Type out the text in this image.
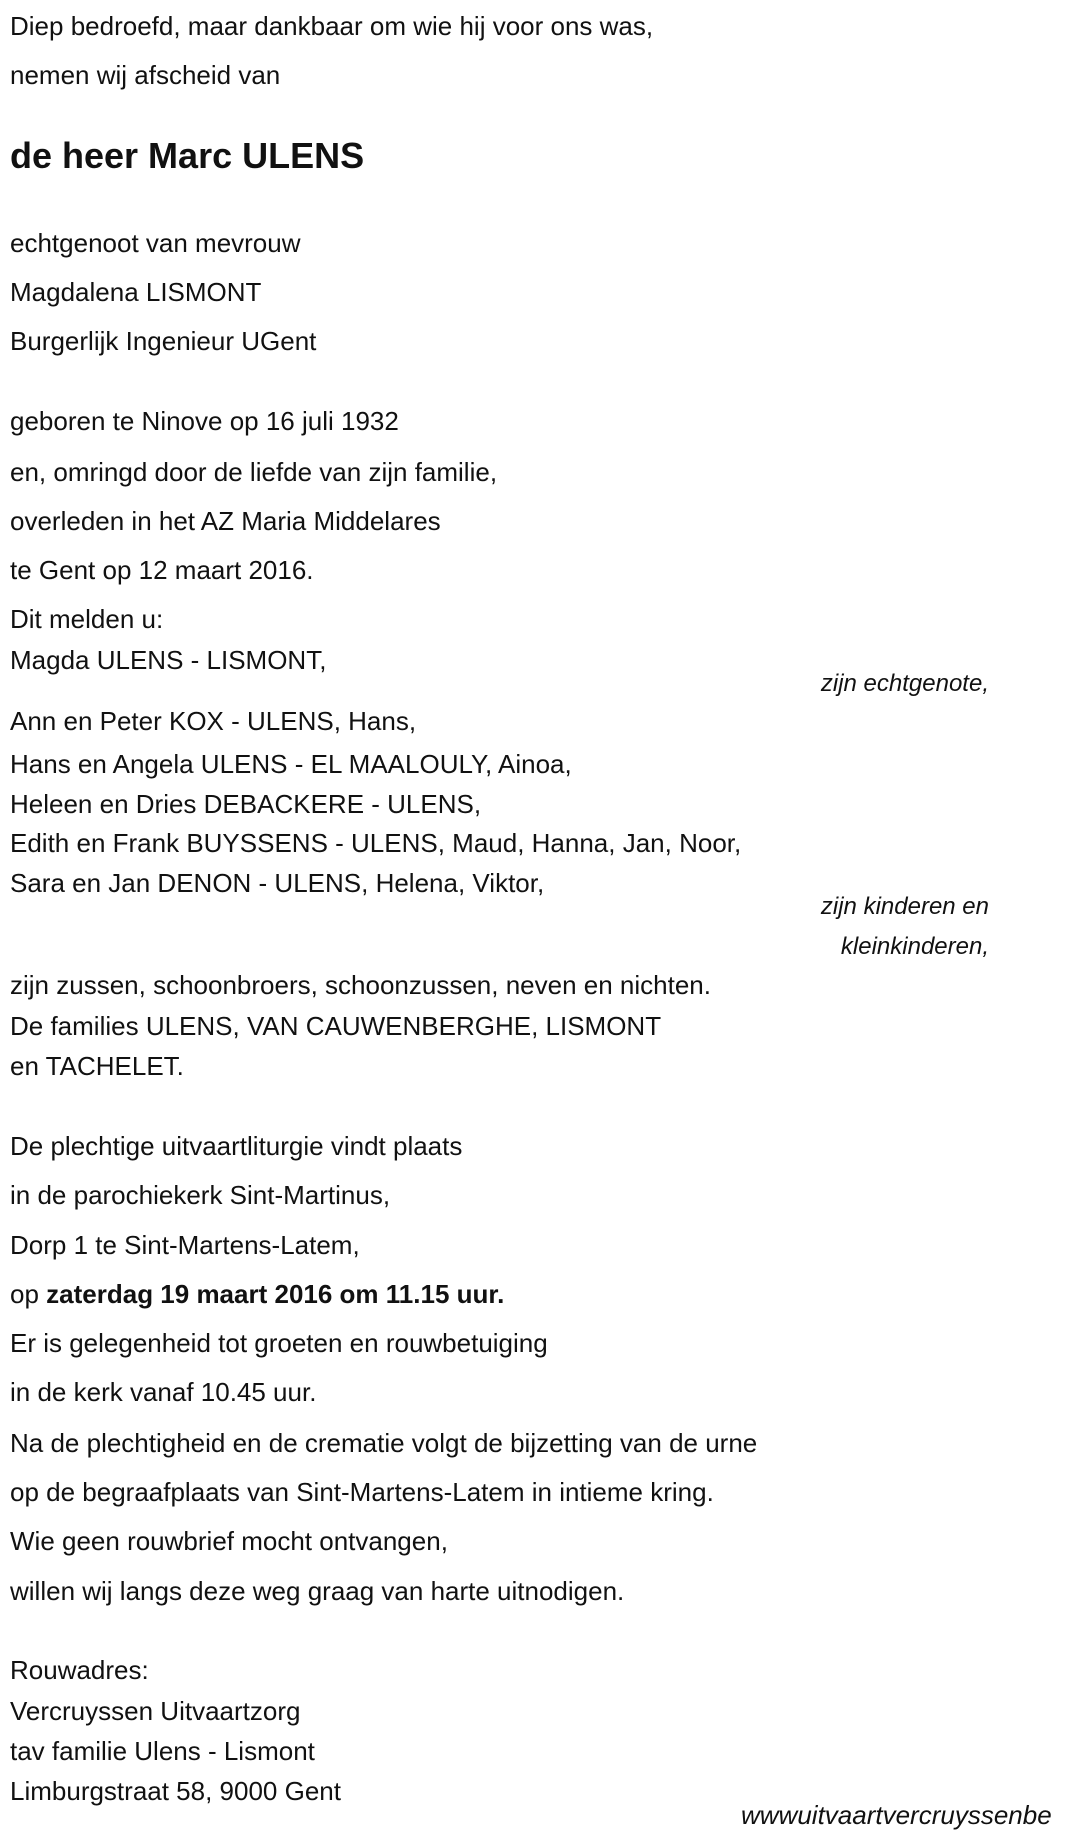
Diep bedroefd, maar dankbaar om wie hij voor ons was,
nemen wij afscheid van
de heer Marc ULENS
echtgenoot van mevrouw
Magdalena LISMONT
Burgerlijk Ingenieur UGent
geboren te Ninove op 16 juli 1932
en, omringd door de liefde van zijn familie,
overleden in het AZ Maria Middelares
te Gent op 12 maart 2016.
Dit melden u:
Magda ULENS - LISMONT,
zijn echtgenote,
Ann en Peter KOX - ULENS, Hans,
Hans en Angela ULENS - EL MAALOULY, Ainoa,
Heleen en Dries DEBACKERE - ULENS,
Edith en Frank BUYSSENS - ULENS, Maud, Hanna, Jan, Noor,
Sara en Jan DENON - ULENS, Helena, Viktor,
zijn kinderen en
kleinkinderen,
zijn zussen, schoonbroers, schoonzussen, neven en nichten.
De families ULENS, VAN CAUWENBERGHE, LISMONT
en TACHELET.
De plechtige uitvaartliturgie vindt plaats
in de parochiekerk Sint-Martinus,
Dorp 1 te Sint-Martens-Latem,
op zaterdag 19 maart 2016 om 11.15 uur.
Er is gelegenheid tot groeten en rouwbetuiging
in de kerk vanaf 10.45 uur.
Na de plechtigheid en de crematie volgt de bijzetting van de urne
op de begraafplaats van Sint-Martens-Latem in intieme kring.
Wie geen rouwbrief mocht ontvangen,
willen wij langs deze weg graag van harte uitnodigen.
Rouwadres:
Vercruyssen Uitvaartzorg
tav familie Ulens - Lismont
Limburgstraat 58, 9000 Gent
wwwuitvaartvercruyssenbe
